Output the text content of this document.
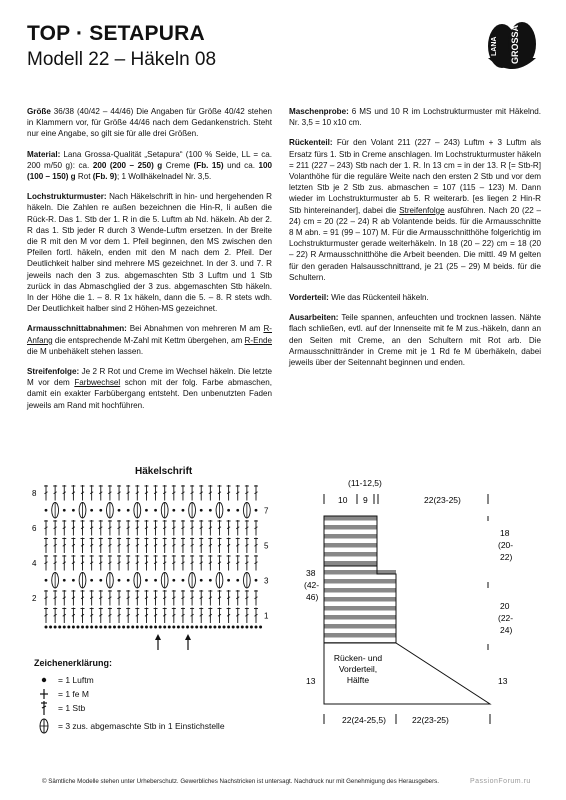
TOP · SETAPURA
Modell 22 – Häkeln 08
LANA GROSSA

Größe 36/38 (40/42 – 44/46) Die Angaben für Größe 40/42 stehen in Klammern vor, für Größe 44/46 nach dem Gedankenstrich. Steht nur eine Angabe, so gilt sie für alle drei Größen.

Material: Lana Grossa-Qualität „Setapura“ (100 % Seide, LL = ca. 200 m/50 g): ca. 200 (200 – 250) g Creme (Fb. 15) und ca. 100 (100 – 150) g Rot (Fb. 9); 1 Wollhäkelnadel Nr. 3,5.

Lochstrukturmuster: Nach Häkelschrift in hin- und hergehenden R häkeln. Die Zahlen re außen bezeichnen die Hin-R, li außen die Rück-R. Das 1. Stb der 1. R in die 5. Luftm ab Nd. häkeln. Ab der 2. R das 1. Stb jeder R durch 3 Wende-Luftm ersetzen. In der Breite die R mit den M vor dem 1. Pfeil beginnen, den MS zwischen den Pfeilen fortl. häkeln, enden mit den M nach dem 2. Pfeil. Der Deutlichkeit halber sind mehrere MS gezeichnet. In der 3. und 7. R jeweils nach den 3 zus. abgemaschten Stb 3 Luftm und 1 Stb zurück in das Abmaschglied der 3 zus. abgemaschten Stb häkeln. In der Höhe die 1. – 8. R 1x häkeln, dann die 5. – 8. R stets wdh. Der Deutlichkeit halber sind 2 Höhen-MS gezeichnet.

Armausschnittabnahmen: Bei Abnahmen von mehreren M am R-Anfang die entsprechende M-Zahl mit Kettm übergehen, am R-Ende die M unbehäkelt stehen lassen.

Streifenfolge: Je 2 R Rot und Creme im Wechsel häkeln. Die letzte M vor dem Farbwechsel schon mit der folg. Farbe abmaschen, damit ein exakter Farbübergang entsteht. Den unbenutzten Faden jeweils am Rand mit hochführen.

Maschenprobe: 6 MS und 10 R im Lochstrukturmuster mit Häkelnd. Nr. 3,5 = 10 x10 cm.

Rückenteil: Für den Volant 211 (227 – 243) Luftm + 3 Luftm als Ersatz fürs 1. Stb in Creme anschlagen. Im Lochstrukturmuster häkeln = 211 (227 – 243) Stb nach der 1. R. In 13 cm = in der 13. R [= Stb-R] Volanthöhe für die reguläre Weite nach den ersten 2 Stb und vor dem letzten Stb je 2 Stb zus. abmaschen = 107 (115 – 123) M. Dann wieder im Lochstrukturmuster ab 5. R weiterarb. [es liegen 2 Hin-R Stb hintereinander], dabei die Streifenfolge ausführen. Nach 20 (22 – 24) cm = 20 (22 – 24) R ab Volantende beids. für die Armausschnitte 8 M abn. = 91 (99 – 107) M. Für die Armausschnitthöhe folgerichtig im Lochstrukturmuster gerade weiterhäkeln. In 18 (20 – 22) cm = 18 (20 – 22) R Armausschnitthöhe die Arbeit beenden. Die mittl. 49 M gelten für den geraden Halsausschnittrand, je 21 (25 – 29) M beids. für die Schultern.

Vorderteil: Wie das Rückenteil häkeln.

Ausarbeiten: Teile spannen, anfeuchten und trocknen lassen. Nähte flach schließen, evtl. auf der Innenseite mit fe M zus.-häkeln, dann an den Seiten mit Creme, an den Schultern mit Rot arb. Die Armausschnittränder in Creme mit je 1 Rd fe M überhäkeln, dabei jeweils über der Seitennaht beginnen und enden.

Häkelschrift
8
6
4
2
7
5
3
1
Zeichenerklärung:
= 1 Luftm
= 1 fe M
= 1 Stb
= 3 zus. abgemaschte Stb in 1 Einstichstelle
(11-12,5)
10 9	22(23-25)
Rücken- und
Vorderteil,
Hälfte
18
(20-
22)
20
(22-
24)
13
38
(42-
46)
13
22(24-25,5)	22(23-25)
© Sämtliche Modelle stehen unter Urheberschutz. Gewerbliches Nachstricken ist untersagt. Nachdruck nur mit Genehmigung des Herausgebers.	PassionForum.ru
